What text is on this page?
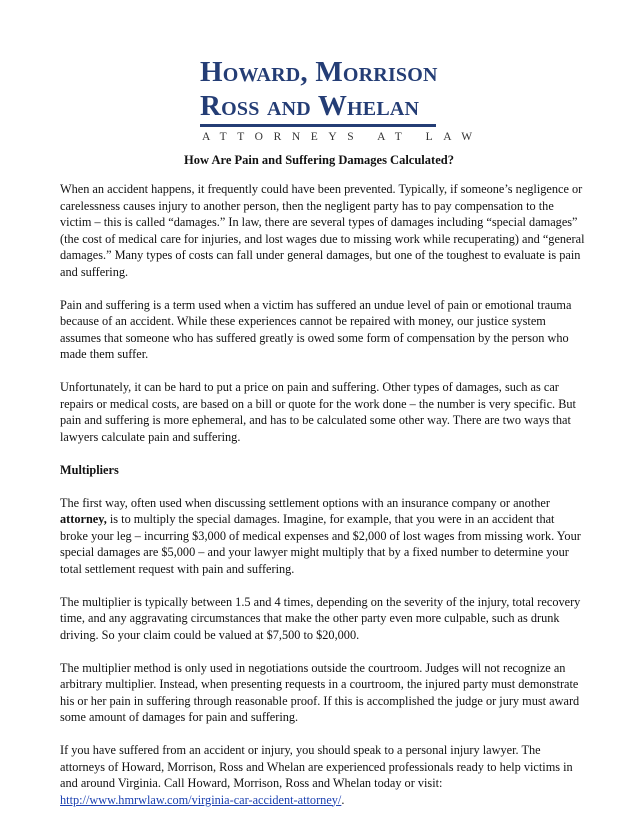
Howard, Morrison
Ross and Whelan
ATTORNEYS AT LAW
How Are Pain and Suffering Damages Calculated?

When an accident happens, it frequently could have been prevented. Typically, if someone’s negligence or carelessness causes injury to another person, then the negligent party has to pay compensation to the victim – this is called “damages.” In law, there are several types of damages including “special damages” (the cost of medical care for injuries, and lost wages due to missing work while recuperating) and “general damages.” Many types of costs can fall under general damages, but one of the toughest to evaluate is pain and suffering.

Pain and suffering is a term used when a victim has suffered an undue level of pain or emotional trauma because of an accident. While these experiences cannot be repaired with money, our justice system assumes that someone who has suffered greatly is owed some form of compensation by the person who made them suffer.

Unfortunately, it can be hard to put a price on pain and suffering. Other types of damages, such as car repairs or medical costs, are based on a bill or quote for the work done – the number is very specific. But pain and suffering is more ephemeral, and has to be calculated some other way. There are two ways that lawyers calculate pain and suffering.

Multipliers

The first way, often used when discussing settlement options with an insurance company or another attorney, is to multiply the special damages. Imagine, for example, that you were in an accident that broke your leg – incurring $3,000 of medical expenses and $2,000 of lost wages from missing work. Your special damages are $5,000 – and your lawyer might multiply that by a fixed number to determine your total settlement request with pain and suffering.

The multiplier is typically between 1.5 and 4 times, depending on the severity of the injury, total recovery time, and any aggravating circumstances that make the other party even more culpable, such as drunk driving. So your claim could be valued at $7,500 to $20,000.

The multiplier method is only used in negotiations outside the courtroom. Judges will not recognize an arbitrary multiplier. Instead, when presenting requests in a courtroom, the injured party must demonstrate his or her pain in suffering through reasonable proof. If this is accomplished the judge or jury must award some amount of damages for pain and suffering.

If you have suffered from an accident or injury, you should speak to a personal injury lawyer. The attorneys of Howard, Morrison, Ross and Whelan are experienced professionals ready to help victims in and around Virginia. Call Howard, Morrison, Ross and Whelan today or visit:
http://www.hmrwlaw.com/virginia-car-accident-attorney/.
